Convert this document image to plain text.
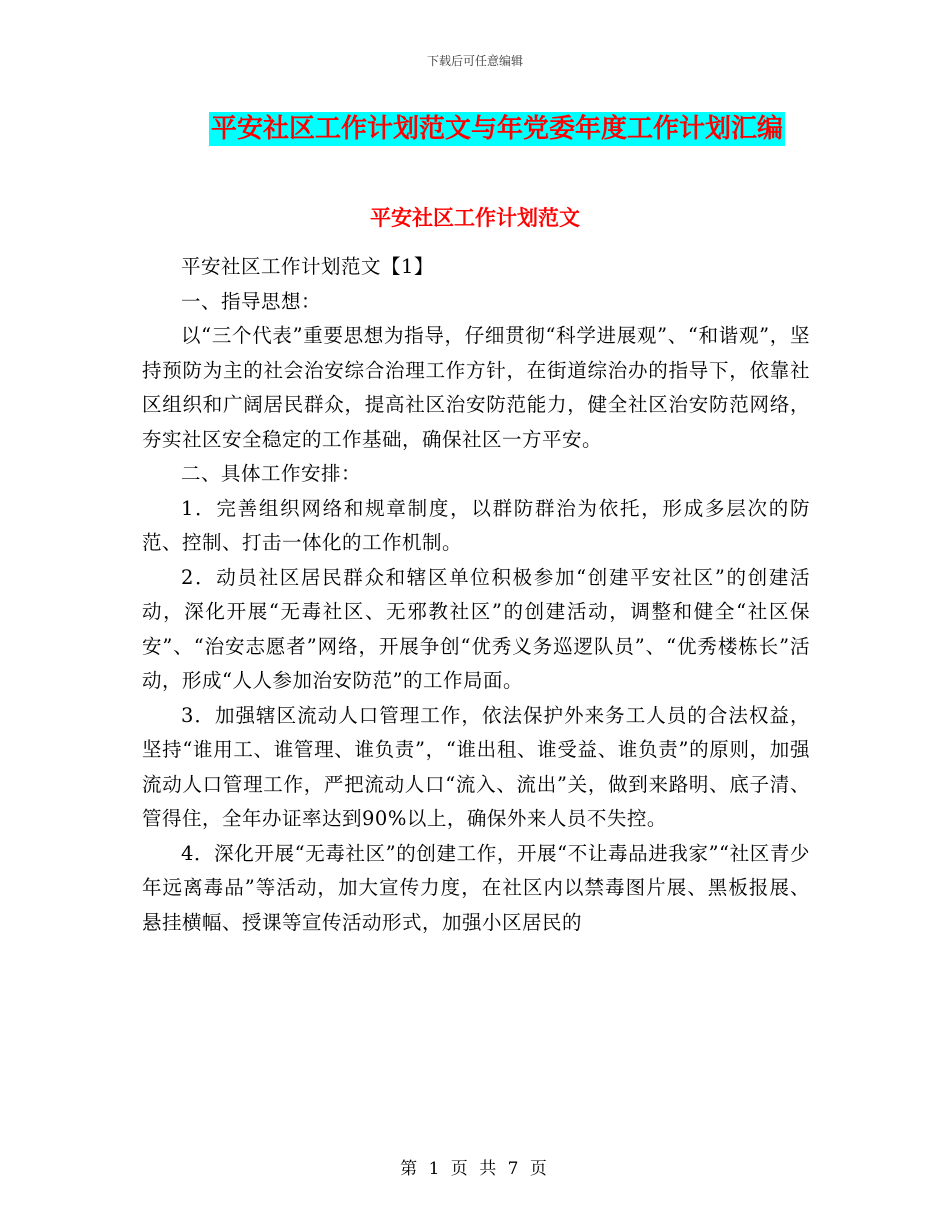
下载后可任意编辑
平安社区工作计划范文与年党委年度工作计划汇编
平安社区工作计划范文

平安社区工作计划范文【1】

一、指导思想：

以“三个代表”重要思想为指导，仔细贯彻“科学进展观”、“和谐观”，坚持预防为主的社会治安综合治理工作方针，在街道综治办的指导下，依靠社区组织和广阔居民群众，提高社区治安防范能力，健全社区治安防范网络，夯实社区安全稳定的工作基础，确保社区一方平安。

二、具体工作安排：

1．完善组织网络和规章制度，以群防群治为依托，形成多层次的防范、控制、打击一体化的工作机制。

2．动员社区居民群众和辖区单位积极参加“创建平安社区”的创建活动，深化开展“无毒社区、无邪教社区”的创建活动，调整和健全“社区保安”、“治安志愿者”网络，开展争创“优秀义务巡逻队员”、“优秀楼栋长”活动，形成“人人参加治安防范”的工作局面。

3．加强辖区流动人口管理工作，依法保护外来务工人员的合法权益，坚持“谁用工、谁管理、谁负责”，“谁出租、谁受益、谁负责”的原则，加强流动人口管理工作，严把流动人口“流入、流出”关，做到来路明、底子清、管得住，全年办证率达到90%以上，确保外来人员不失控。

4．深化开展“无毒社区”的创建工作，开展“不让毒品进我家”“社区青少年远离毒品”等活动，加大宣传力度，在社区内以禁毒图片展、黑板报展、悬挂横幅、授课等宣传活动形式，加强小区居民的

第 1 页 共 7 页
